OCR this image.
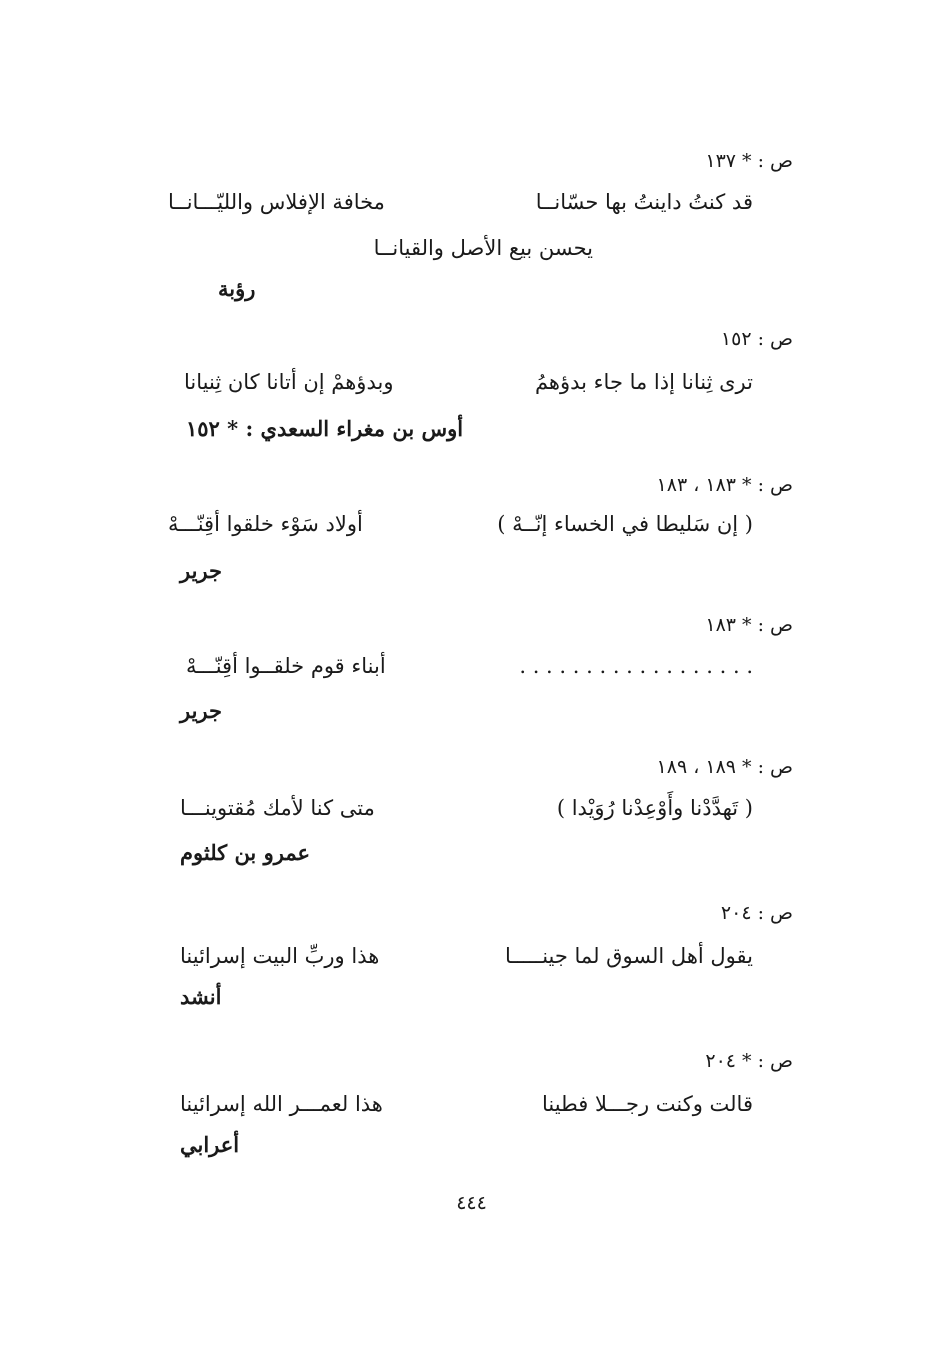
ص : * ١٣٧
قد كنتُ داينتُ بها حسّانــا
مخافة الإفلاس والليّـــانــا
يحسن بيع الأصل والقيانــا
رؤبة
ص : ١٥٢
ترى ثِنانا إذا ما جاء بدؤهمُ
وبدؤهمْ إن أتانا كان ثِنيانا
أوس بن مغراء السعدي : * ١٥٢
ص : * ١٨٣ ، ١٨٣
( إن سَليطا في الخساء إنّــهْ )
أولاد سَوْء خلقوا أقِنّـــهْ
جرير
ص : * ١٨٣
. . . . . . . . . . . . . . . . . .
أبناء قوم خلقــوا أقِنّـــهْ
جرير
ص : * ١٨٩ ، ١٨٩
( تَهدَّدْنا وأَوْعِدْنا رُوَيْدا )
متى كنا لأمك مُقتوينـــا
عمرو بن كلثوم
ص : ٢٠٤
يقول أهل السوق لما جينـــــا
هذا وربِّ البيت إسرائينا
أنشد
ص : * ٢٠٤
قالت وكنت رجـــلا فطينا
هذا لعمـــر الله إسرائينا
أعرابي
٤٤٤
